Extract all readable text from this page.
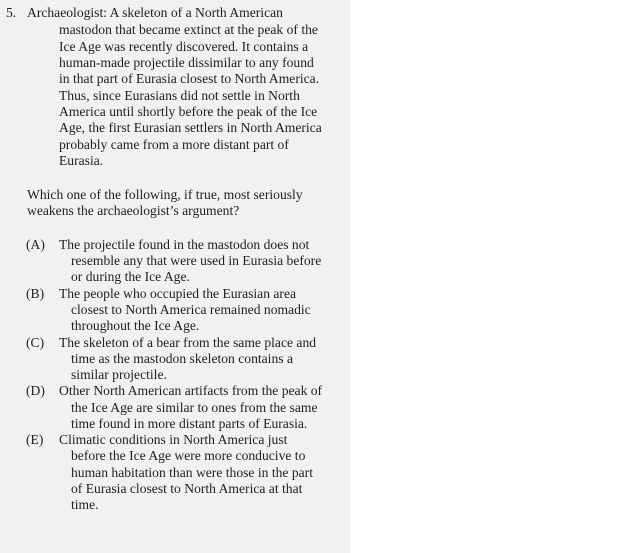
5. Archaeologist: A skeleton of a North American
mastodon that became extinct at the peak of the
Ice Age was recently discovered. It contains a
human-made projectile dissimilar to any found
in that part of Eurasia closest to North America.
Thus, since Eurasians did not settle in North
America until shortly before the peak of the Ice
Age, the first Eurasian settlers in North America
probably came from a more distant part of
Eurasia.
Which one of the following, if true, most seriously
weakens the archaeologist’s argument?
(A) The projectile found in the mastodon does not
resemble any that were used in Eurasia before
or during the Ice Age.
(B) The people who occupied the Eurasian area
closest to North America remained nomadic
throughout the Ice Age.
(C) The skeleton of a bear from the same place and
time as the mastodon skeleton contains a
similar projectile.
(D) Other North American artifacts from the peak of
the Ice Age are similar to ones from the same
time found in more distant parts of Eurasia.
(E) Climatic conditions in North America just
before the Ice Age were more conducive to
human habitation than were those in the part
of Eurasia closest to North America at that
time.
